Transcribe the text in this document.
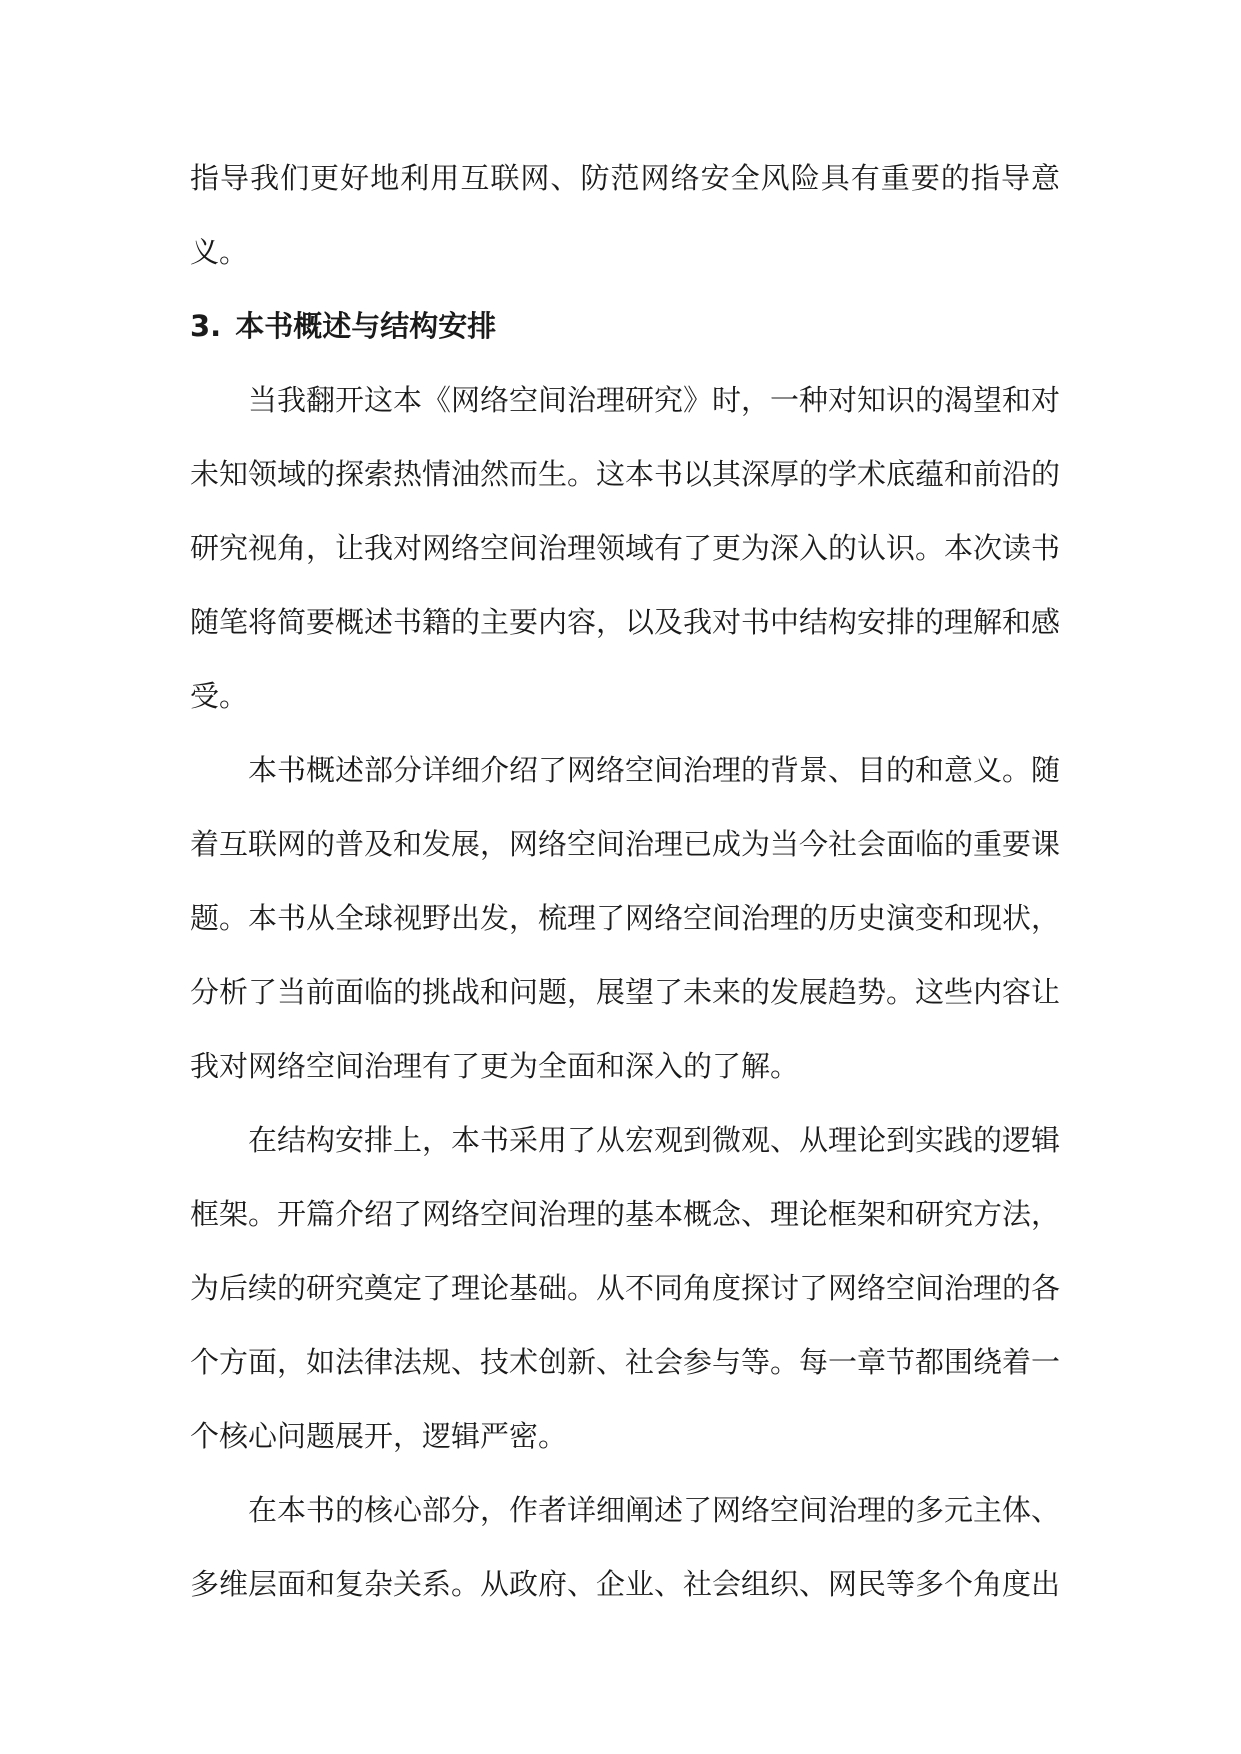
指导我们更好地利用互联网、防范网络安全风险具有重要的指导意义。

3. 本书概述与结构安排

当我翻开这本《网络空间治理研究》时，一种对知识的渴望和对未知领域的探索热情油然而生。这本书以其深厚的学术底蕴和前沿的研究视角，让我对网络空间治理领域有了更为深入的认识。本次读书随笔将简要概述书籍的主要内容，以及我对书中结构安排的理解和感受。

本书概述部分详细介绍了网络空间治理的背景、目的和意义。随着互联网的普及和发展，网络空间治理已成为当今社会面临的重要课题。本书从全球视野出发，梳理了网络空间治理的历史演变和现状，分析了当前面临的挑战和问题，展望了未来的发展趋势。这些内容让我对网络空间治理有了更为全面和深入的了解。

在结构安排上，本书采用了从宏观到微观、从理论到实践的逻辑框架。开篇介绍了网络空间治理的基本概念、理论框架和研究方法，为后续的研究奠定了理论基础。从不同角度探讨了网络空间治理的各个方面，如法律法规、技术创新、社会参与等。每一章节都围绕着一个核心问题展开，逻辑严密。

在本书的核心部分，作者详细阐述了网络空间治理的多元主体、多维层面和复杂关系。从政府、企业、社会组织、网民等多个角度出
